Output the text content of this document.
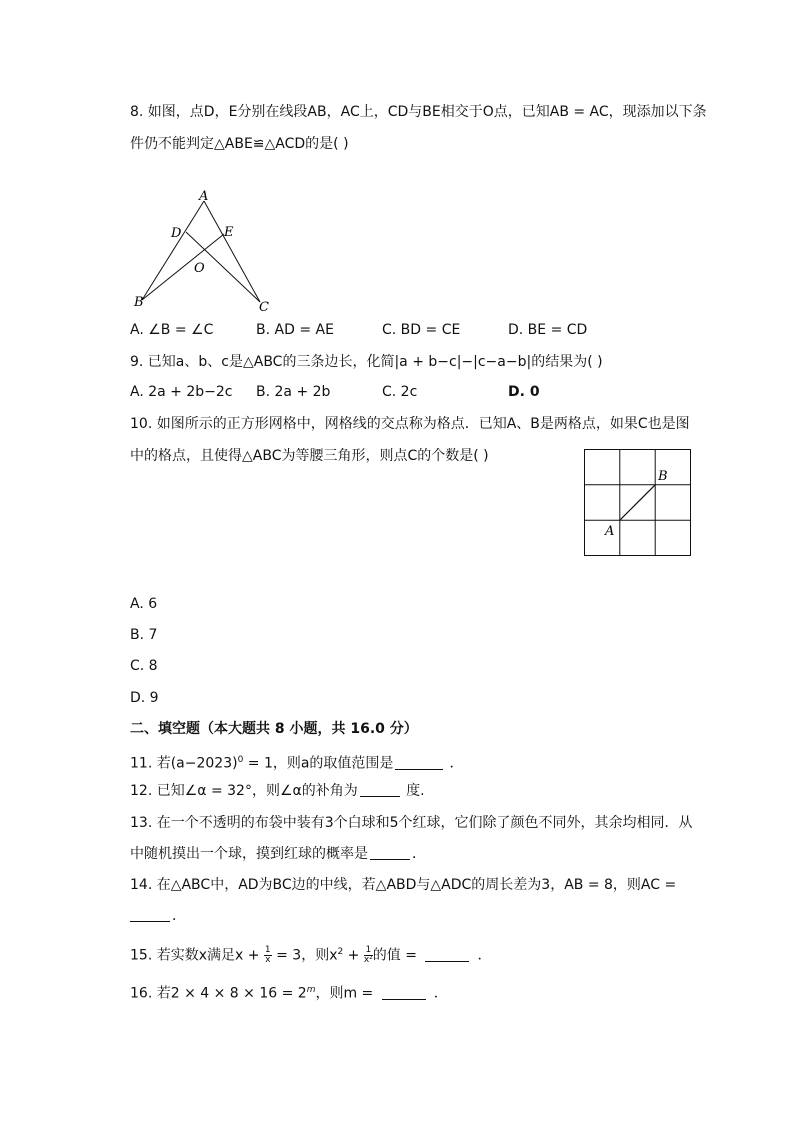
8. 如图，点D，E分别在线段AB，AC上，CD与BE相交于O点，已知AB = AC，现添加以下条
件仍不能判定△ABE≌△ACD的是( )
A
D	E
O
B	C
A. ∠B = ∠C	B. AD = AE	C. BD = CE	D. BE = CD
9. 已知a、b、c是△ABC的三条边长，化简|a + b−c|−|c−a−b|的结果为( )
A. 2a + 2b−2c B. 2a + 2b	C. 2c	D. 0
10. 如图所示的正方形网格中，网格线的交点称为格点．已知A、B是两格点，如果C也是图
中的格点，且使得△ABC为等腰三角形，则点C的个数是( )
B
A
A. 6
B. 7
C. 8
D. 9
二、填空题（本大题共 8 小题，共 16.0 分）
11. 若$(a-2023)^0 = 1$，则a的取值范围是	．
12. 已知∠α = 32°，则∠α的补角为	度.
13. 在一个不透明的布袋中装有3个白球和5个红球，它们除了颜色不同外，其余均相同．从
中随机摸出一个球，摸到红球的概率是	．
14. 在△ABC中，AD为BC边的中线，若△ABD与△ADC的周长差为3，AB = 8，则AC =
．
15. 若实数x满足$x + \frac{1}{x} = 3$，则$x^2 + \frac{1}{\text{x²}}$ 的值 =	．
16. 若$2 \times 4 \times 8 \times 16 = 2^m$，则m =	．
